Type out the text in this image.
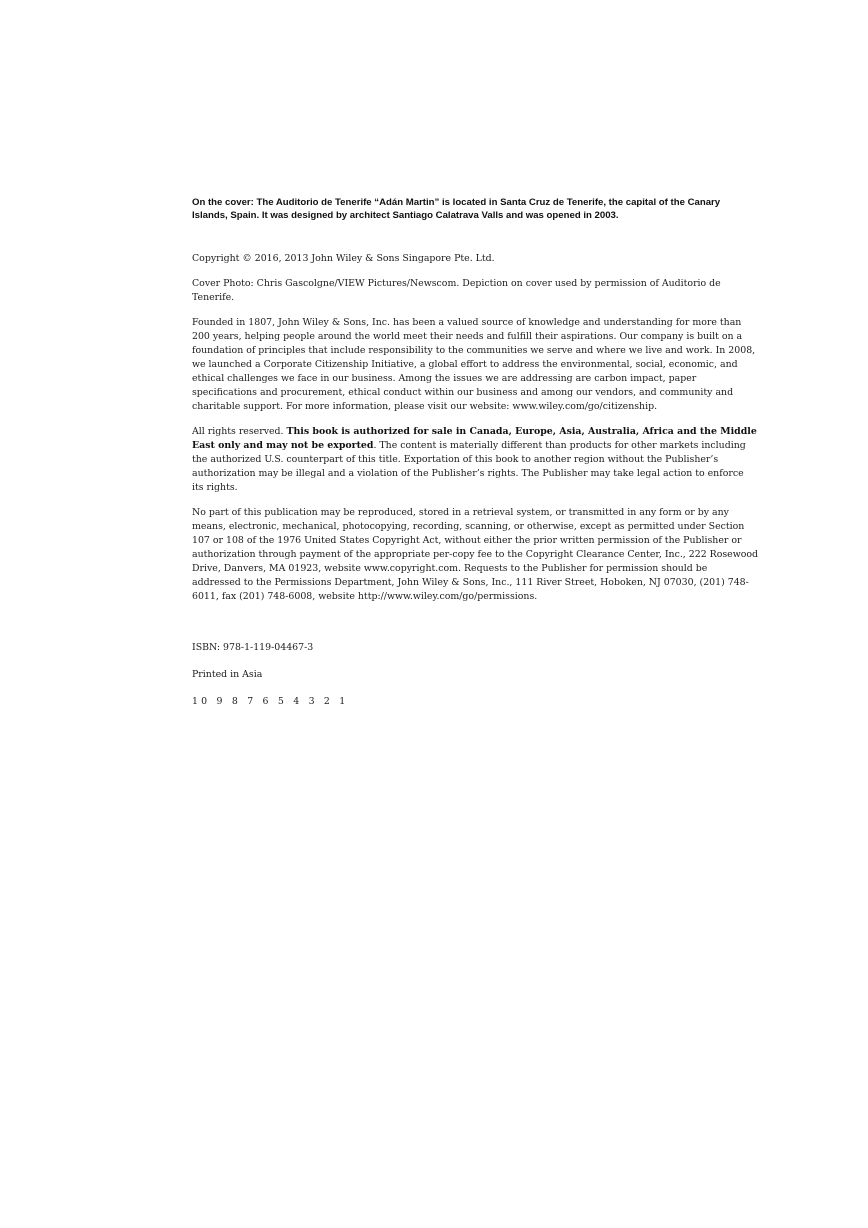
On the cover: The Auditorio de Tenerife “Adán Martin” is located in Santa Cruz de Tenerife, the capital of the Canary Islands, Spain. It was designed by architect Santiago Calatrava Valls and was opened in 2003.

Copyright © 2016, 2013 John Wiley & Sons Singapore Pte. Ltd.

Cover Photo: Chris Gascolgne/VIEW Pictures/Newscom. Depiction on cover used by permission of Auditorio de Tenerife.

Founded in 1807, John Wiley & Sons, Inc. has been a valued source of knowledge and understanding for more than 200 years, helping people around the world meet their needs and fulfill their aspirations. Our company is built on a foundation of principles that include responsibility to the communities we serve and where we live and work. In 2008, we launched a Corporate Citizenship Initiative, a global effort to address the environmental, social, economic, and ethical challenges we face in our business. Among the issues we are addressing are carbon impact, paper specifications and procurement, ethical conduct within our business and among our vendors, and community and charitable support. For more information, please visit our website: www.wiley.com/go/citizenship.

All rights reserved. This book is authorized for sale in Canada, Europe, Asia, Australia, Africa and the Middle East only and may not be exported. The content is materially different than products for other markets including the authorized U.S. counterpart of this title. Exportation of this book to another region without the Publisher’s authorization may be illegal and a violation of the Publisher’s rights. The Publisher may take legal action to enforce its rights.

No part of this publication may be reproduced, stored in a retrieval system, or transmitted in any form or by any means, electronic, mechanical, photocopying, recording, scanning, or otherwise, except as permitted under Section 107 or 108 of the 1976 United States Copyright Act, without either the prior written permission of the Publisher or authorization through payment of the appropriate per-copy fee to the Copyright Clearance Center, Inc., 222 Rosewood Drive, Danvers, MA 01923, website www.copyright.com. Requests to the Publisher for permission should be addressed to the Permissions Department, John Wiley & Sons, Inc., 111 River Street, Hoboken, NJ 07030, (201) 748-6011, fax (201) 748-6008, website http://www.wiley.com/go/permissions.

ISBN: 978-1-119-04467-3

Printed in Asia

10 9 8 7 6 5 4 3 2 1
